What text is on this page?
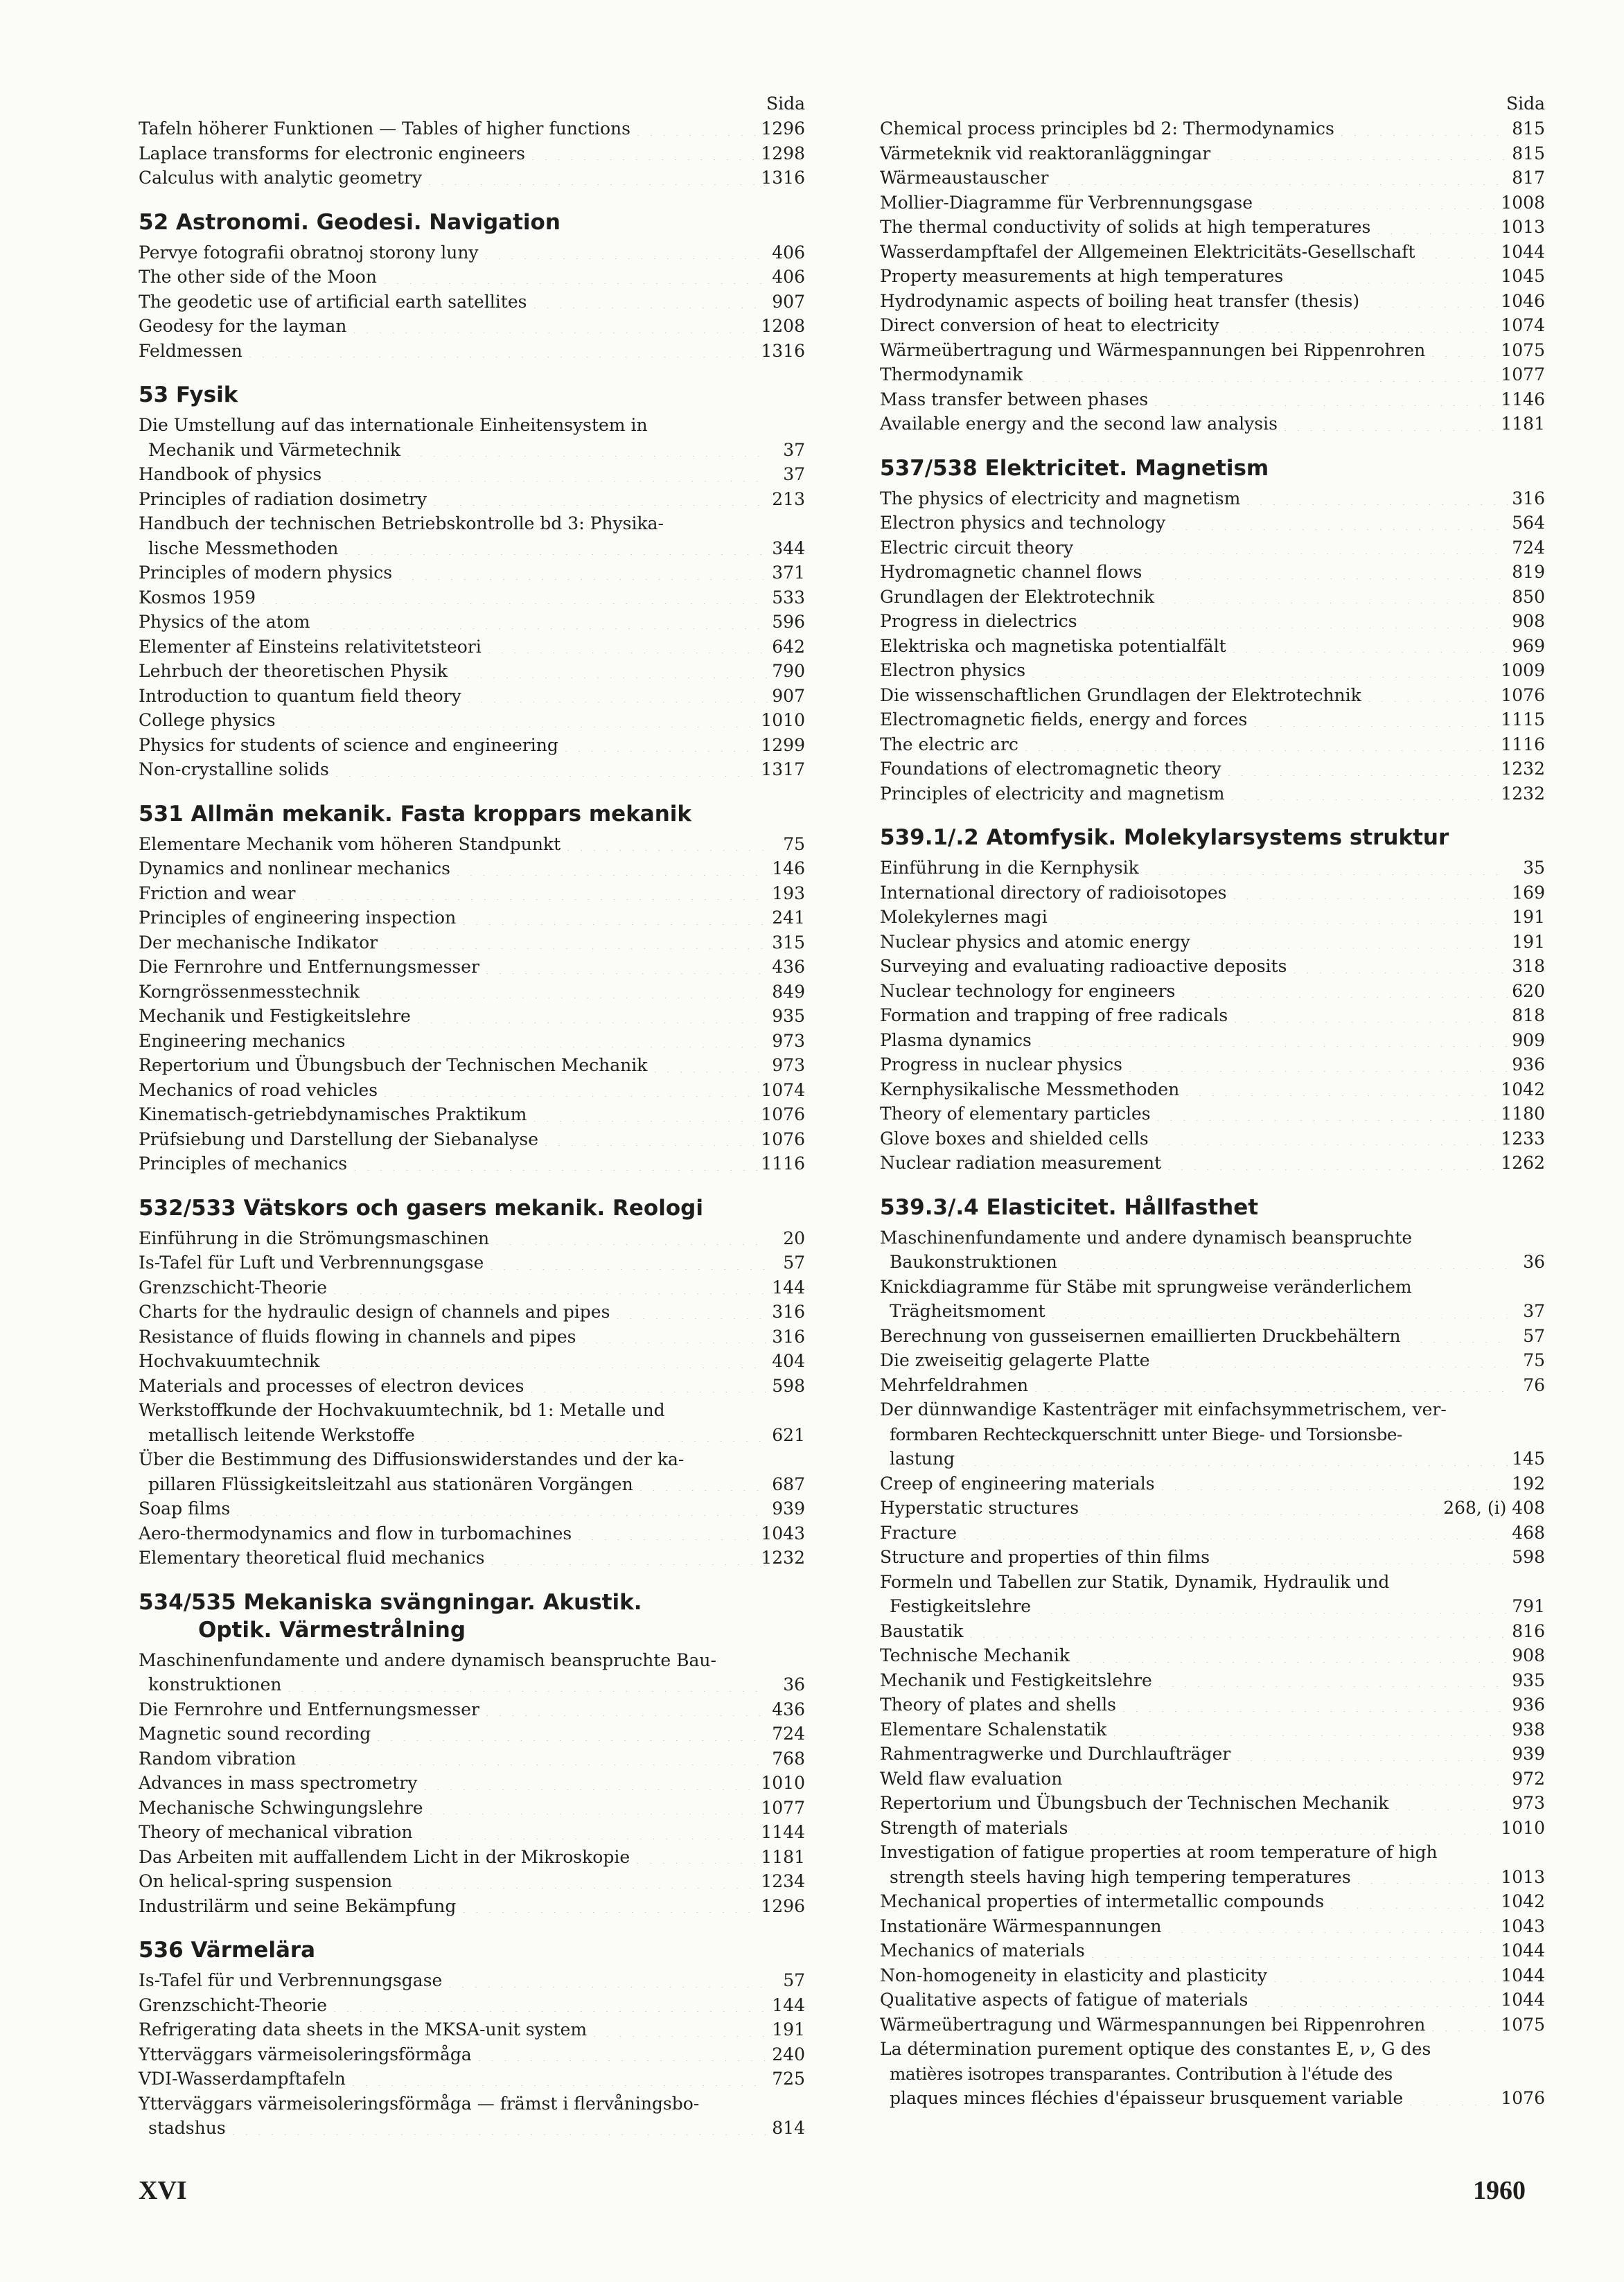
Sida
Tafeln höherer Funktionen — Tables of higher functions . . .	1296
Laplace transforms for electronic engineers . . .	1298
Calculus with analytic geometry . . .	1316
52 Astronomi. Geodesi. Navigation
Pervye fotografii obratnoj storony luny . . .	406
The other side of the Moon . . .	406
The geodetic use of artificial earth satellites . . .	907
Geodesy for the layman . . .	1208
Feldmessen . . .	1316
53 Fysik
Die Umstellung auf das internationale Einheitensystem in
Mechanik und Värmetechnik . . .	37
Handbook of physics . . .	37
Principles of radiation dosimetry . . .	213
Handbuch der technischen Betriebskontrolle bd 3: Physika-
lische Messmethoden . . .	344
Principles of modern physics . . .	371
Kosmos 1959 . . .	533
Physics of the atom . . .	596
Elementer af Einsteins relativitetsteori . . .	642
Lehrbuch der theoretischen Physik . . .	790
Introduction to quantum field theory . . .	907
College physics . . .	1010
Physics for students of science and engineering . . .	1299
Non-crystalline solids . . .	1317
531 Allmän mekanik. Fasta kroppars mekanik
Elementare Mechanik vom höheren Standpunkt . . .	75
Dynamics and nonlinear mechanics . . .	146
Friction and wear . . .	193
Principles of engineering inspection . . .	241
Der mechanische Indikator . . .	315
Die Fernrohre und Entfernungsmesser . . .	436
Korngrössenmesstechnik . . .	849
Mechanik und Festigkeitslehre . . .	935
Engineering mechanics . . .	973
Repertorium und Übungsbuch der Technischen Mechanik . . .	973
Mechanics of road vehicles . . .	1074
Kinematisch-getriebdynamisches Praktikum . . .	1076
Prüfsiebung und Darstellung der Siebanalyse . . .	1076
Principles of mechanics . . .	1116
532/533 Vätskors och gasers mekanik. Reologi
Einführung in die Strömungsmaschinen . . .	20
Is-Tafel für Luft und Verbrennungsgase . . .	57
Grenzschicht-Theorie . . .	144
Charts for the hydraulic design of channels and pipes . . .	316
Resistance of fluids flowing in channels and pipes . . .	316
Hochvakuumtechnik . . .	404
Materials and processes of electron devices . . .	598
Werkstoffkunde der Hochvakuumtechnik, bd 1: Metalle und
metallisch leitende Werkstoffe . . .	621
Über die Bestimmung des Diffusionswiderstandes und der ka-
pillaren Flüssigkeitsleitzahl aus stationären Vorgängen . . .	687
Soap films . . .	939
Aero-thermodynamics and flow in turbomachines . . .	1043
Elementary theoretical fluid mechanics . . .	1232
534/535 Mekaniska svängningar. Akustik.
Optik. Värmestrålning
Maschinenfundamente und andere dynamisch beanspruchte Bau-
konstruktionen . . .	36
Die Fernrohre und Entfernungsmesser . . .	436
Magnetic sound recording . . .	724
Random vibration . . .	768
Advances in mass spectrometry . . .	1010
Mechanische Schwingungslehre . . .	1077
Theory of mechanical vibration . . .	1144
Das Arbeiten mit auffallendem Licht in der Mikroskopie . . .	1181
On helical-spring suspension . . .	1234
Industrilärm und seine Bekämpfung . . .	1296
536 Värmelära
Is-Tafel für und Verbrennungsgase . . .	57
Grenzschicht-Theorie . . .	144
Refrigerating data sheets in the MKSA-unit system . . .	191
Ytterväggars värmeisoleringsförmåga . . .	240
VDI-Wasserdampftafeln . . .	725
Ytterväggars värmeisoleringsförmåga — främst i flervåningsbo-
stadshus . . .	814
Sida
Chemical process principles bd 2: Thermodynamics . . .	815
Värmeteknik vid reaktoranläggningar . . .	815
Wärmeaustauscher . . .	817
Mollier-Diagramme für Verbrennungsgase . . .	1008
The thermal conductivity of solids at high temperatures . . .	1013
Wasserdampftafel der Allgemeinen Elektricitäts-Gesellschaft . . .	1044
Property measurements at high temperatures . . .	1045
Hydrodynamic aspects of boiling heat transfer (thesis) . . .	1046
Direct conversion of heat to electricity . . .	1074
Wärmeübertragung und Wärmespannungen bei Rippenrohren . . .	1075
Thermodynamik . . .	1077
Mass transfer between phases . . .	1146
Available energy and the second law analysis . . .	1181
537/538 Elektricitet. Magnetism
The physics of electricity and magnetism . . .	316
Electron physics and technology . . .	564
Electric circuit theory . . .	724
Hydromagnetic channel flows . . .	819
Grundlagen der Elektrotechnik . . .	850
Progress in dielectrics . . .	908
Elektriska och magnetiska potentialfält . . .	969
Electron physics . . .	1009
Die wissenschaftlichen Grundlagen der Elektrotechnik . . .	1076
Electromagnetic fields, energy and forces . . .	1115
The electric arc . . .	1116
Foundations of electromagnetic theory . . .	1232
Principles of electricity and magnetism . . .	1232
539.1/.2 Atomfysik. Molekylarsystems struktur
Einführung in die Kernphysik . . .	35
International directory of radioisotopes . . .	169
Molekylernes magi . . .	191
Nuclear physics and atomic energy . . .	191
Surveying and evaluating radioactive deposits . . .	318
Nuclear technology for engineers . . .	620
Formation and trapping of free radicals . . .	818
Plasma dynamics . . .	909
Progress in nuclear physics . . .	936
Kernphysikalische Messmethoden . . .	1042
Theory of elementary particles . . .	1180
Glove boxes and shielded cells . . .	1233
Nuclear radiation measurement . . .	1262
539.3/.4 Elasticitet. Hållfasthet
Maschinenfundamente und andere dynamisch beanspruchte
Baukonstruktionen . . .	36
Knickdiagramme für Stäbe mit sprungweise veränderlichem
Trägheitsmoment . . .	37
Berechnung von gusseisernen emaillierten Druckbehältern . . .	57
Die zweiseitig gelagerte Platte . . .	75
Mehrfeldrahmen . . .	76
Der dünnwandige Kastenträger mit einfachsymmetrischem, ver-
formbaren Rechteckquerschnitt unter Biege- und Torsionsbe-
lastung . . .	145
Creep of engineering materials . . .	192
Hyperstatic structures . . .	268, (i) 408
Fracture . . .	468
Structure and properties of thin films . . .	598
Formeln und Tabellen zur Statik, Dynamik, Hydraulik und
Festigkeitslehre . . .	791
Baustatik . . .	816
Technische Mechanik . . .	908
Mechanik und Festigkeitslehre . . .	935
Theory of plates and shells . . .	936
Elementare Schalenstatik . . .	938
Rahmentragwerke und Durchlaufträger . . .	939
Weld flaw evaluation . . .	972
Repertorium und Übungsbuch der Technischen Mechanik . . .	973
Strength of materials . . .	1010
Investigation of fatigue properties at room temperature of high
strength steels having high tempering temperatures . . .	1013
Mechanical properties of intermetallic compounds . . .	1042
Instationäre Wärmespannungen . . .	1043
Mechanics of materials . . .	1044
Non-homogeneity in elasticity and plasticity . . .	1044
Qualitative aspects of fatigue of materials . . .	1044
Wärmeübertragung und Wärmespannungen bei Rippenrohren . . .	1075
La détermination purement optique des constantes E, ν, G des
matières isotropes transparantes. Contribution à l'étude des
plaques minces fléchies d'épaisseur brusquement variable . . .	1076
XVI	1960
